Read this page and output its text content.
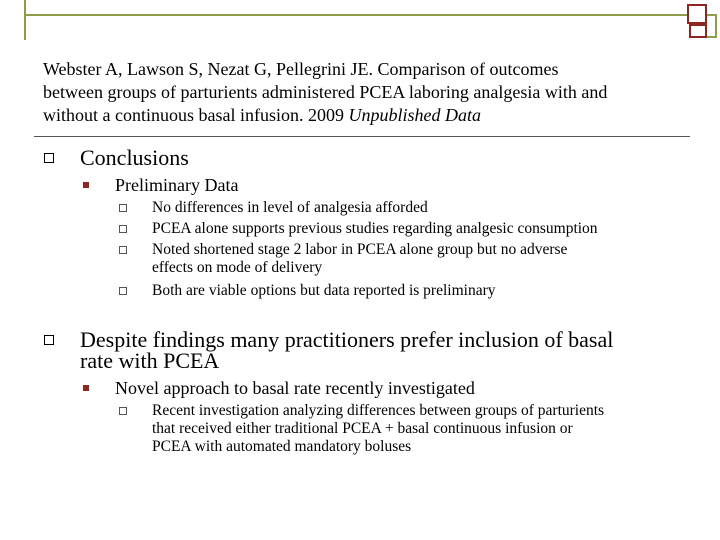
Webster A, Lawson S, Nezat G, Pellegrini JE. Comparison of outcomes
between groups of parturients administered PCEA laboring analgesia with and
without a continuous basal infusion. 2009 Unpublished Data
Conclusions
Preliminary Data
No differences in level of analgesia afforded
PCEA alone supports previous studies regarding analgesic consumption
Noted shortened stage 2 labor in PCEA alone group but no adverse
effects on mode of delivery
Both are viable options but data reported is preliminary
Despite findings many practitioners prefer inclusion of basal
rate with PCEA
Novel approach to basal rate recently investigated
Recent investigation analyzing differences between groups of parturients
that received either traditional PCEA + basal continuous infusion or
PCEA with automated mandatory boluses
